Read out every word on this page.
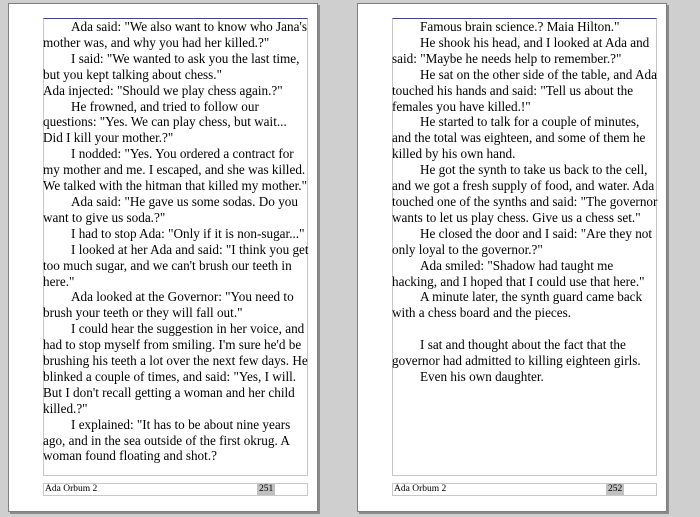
Ada said: "We also want to know who Jana's mother was, and why you had her killed.?"

I said: "We wanted to ask you the last time, but you kept talking about chess."

Ada injected: "Should we play chess again.?"

He frowned, and tried to follow our questions: "Yes. We can play chess, but wait... Did I kill your mother.?"

I nodded: "Yes. You ordered a contract for my mother and me. I escaped, and she was killed. We talked with the hitman that killed my mother."

Ada said: "He gave us some sodas. Do you want to give us soda.?"

I had to stop Ada: "Only if it is non-sugar..."

I looked at her Ada and said: "I think you get too much sugar, and we can't brush our teeth in here."

Ada looked at the Governor: "You need to brush your teeth or they will fall out."

I could hear the suggestion in her voice, and had to stop myself from smiling. I'm sure he'd be brushing his teeth a lot over the next few days. He blinked a couple of times, and said: "Yes, I will. But I don't recall getting a woman and her child killed.?"

I explained: "It has to be about nine years ago, and in the sea outside of the first okrug. A woman found floating and shot.?

Ada Orbum 2	251

Famous brain science.? Maia Hilton."

He shook his head, and I looked at Ada and said: "Maybe he needs help to remember.?"

He sat on the other side of the table, and Ada touched his hands and said: "Tell us about the females you have killed.!"

He started to talk for a couple of minutes, and the total was eighteen, and some of them he killed by his own hand.

He got the synth to take us back to the cell, and we got a fresh supply of food, and water. Ada touched one of the synths and said: "The governor wants to let us play chess. Give us a chess set."

He closed the door and I said: "Are they not only loyal to the governor.?"

Ada smiled: "Shadow had taught me hacking, and I hoped that I could use that here."

A minute later, the synth guard came back with a chess board and the pieces.

I sat and thought about the fact that the governor had admitted to killing eighteen girls.

Even his own daughter.

Ada Orbum 2	252
